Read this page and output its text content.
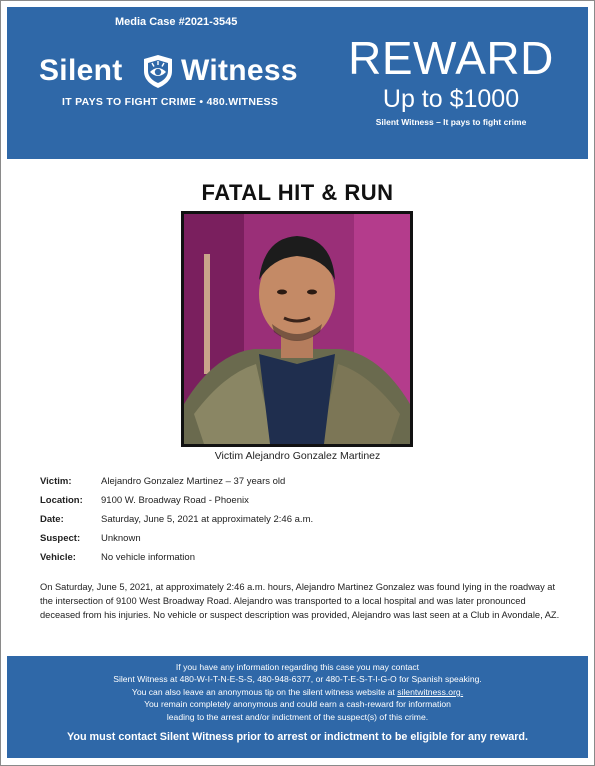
Media Case #2021-3545
Silent Witness
IT PAYS TO FIGHT CRIME • 480.WITNESS
REWARD
Up to $1000
Silent Witness – It pays to fight crime
FATAL HIT & RUN
Victim Alejandro Gonzalez Martinez
Victim:	Alejandro Gonzalez Martinez – 37 years old
Location: 9100 W. Broadway Road - Phoenix
Date:	Saturday, June 5, 2021 at approximately 2:46 a.m.
Suspect: Unknown
Vehicle:	No vehicle information
On Saturday, June 5, 2021, at approximately 2:46 a.m. hours, Alejandro Martinez Gonzalez was found lying in the roadway at the intersection of 9100 West Broadway Road. Alejandro was transported to a local hospital and was later pronounced deceased from his injuries. No vehicle or suspect description was provided, Alejandro was last seen at a Club in Avondale, AZ.
If you have any information regarding this case you may contact
Silent Witness at 480-W-I-T-N-E-S-S, 480-948-6377, or 480-T-E-S-T-I-G-O for Spanish speaking.
You can also leave an anonymous tip on the silent witness website at silentwitness.org.
You remain completely anonymous and could earn a cash-reward for information
leading to the arrest and/or indictment of the suspect(s) of this crime.
You must contact Silent Witness prior to arrest or indictment to be eligible for any reward.
